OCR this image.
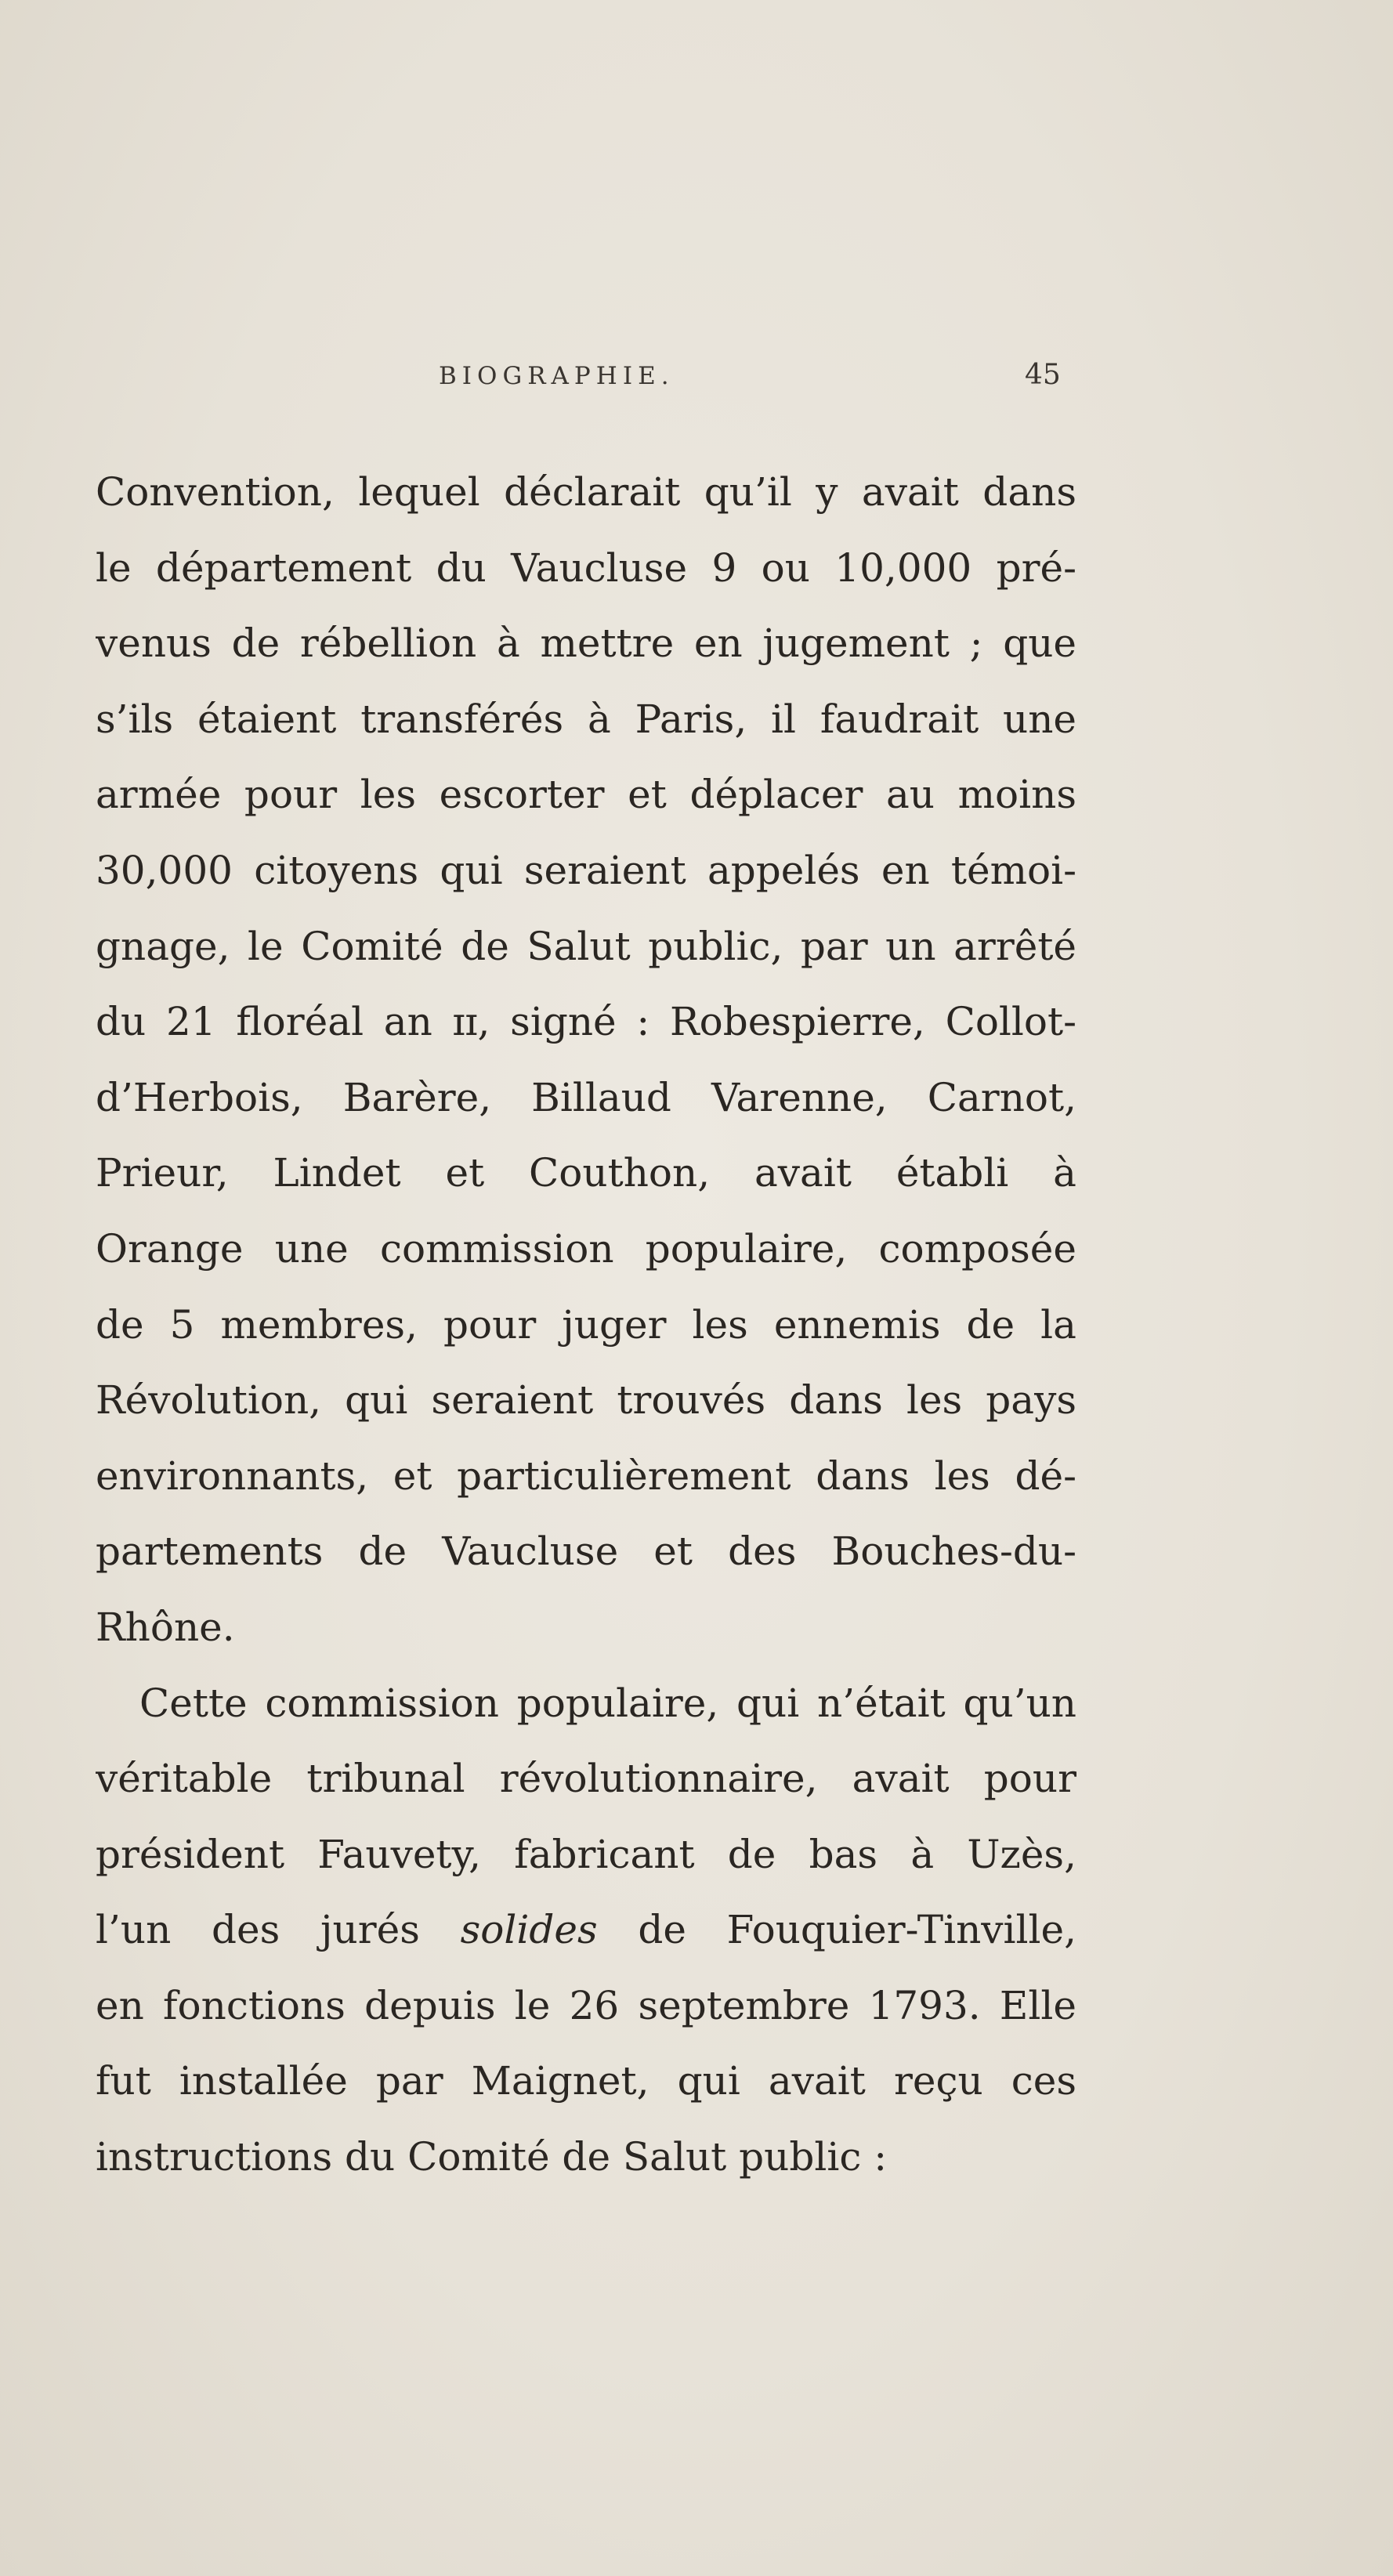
BIOGRAPHIE.	45
Convention, lequel déclarait qu’il y avait dans
le département du Vaucluse 9 ou 10,000 pré-
venus de rébellion à mettre en jugement ; que
s’ils étaient transférés à Paris, il faudrait une
armée pour les escorter et déplacer au moins
30,000 citoyens qui seraient appelés en témoi-
gnage, le Comité de Salut public, par un arrêté
du 21 floréal an ɪɪ, signé : Robespierre, Collot-
d’Herbois, Barère, Billaud Varenne, Carnot,
Prieur, Lindet et Couthon, avait établi à
Orange une commission populaire, composée
de 5 membres, pour juger les ennemis de la
Révolution, qui seraient trouvés dans les pays
environnants, et particulièrement dans les dé-
partements de Vaucluse et des Bouches-du-
Rhône.
Cette commission populaire, qui n’était qu’un
véritable tribunal révolutionnaire, avait pour
président Fauvety, fabricant de bas à Uzès,
l’un des jurés solides de Fouquier-Tinville,
en fonctions depuis le 26 septembre 1793. Elle
fut installée par Maignet, qui avait reçu ces
instructions du Comité de Salut public :
